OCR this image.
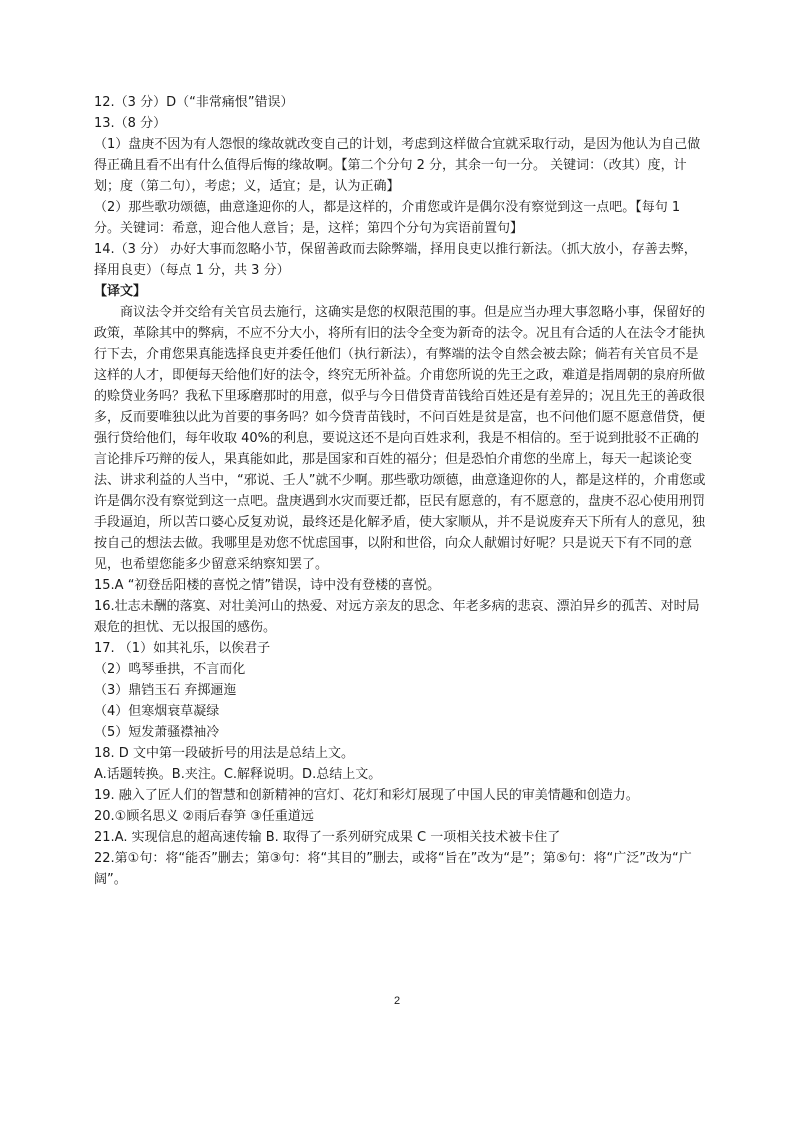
12.（3 分）D（“非常痛恨”错误）
13.（8 分）
（1）盘庚不因为有人怨恨的缘故就改变自己的计划，考虑到这样做合宜就采取行动，是因为他认为自己做得正确且看不出有什么值得后悔的缘故啊。【第二个分句 2 分，其余一句一分。 关键词：（改其）度，计划；度（第二句），考虑；义，适宜；是，认为正确】
（2）那些歌功颂德，曲意逢迎你的人，都是这样的，介甫您或许是偶尔没有察觉到这一点吧。【每句 1 分。关键词：希意，迎合他人意旨；是，这样；第四个分句为宾语前置句】
14.（3 分） 办好大事而忽略小节，保留善政而去除弊端，择用良吏以推行新法。（抓大放小，存善去弊，择用良吏）（每点 1 分，共 3 分）
【译文】
商议法令并交给有关官员去施行，这确实是您的权限范围的事。但是应当办理大事忽略小事，保留好的政策，革除其中的弊病，不应不分大小，将所有旧的法令全变为新奇的法令。况且有合适的人在法令才能执行下去，介甫您果真能选择良吏并委任他们（执行新法），有弊端的法令自然会被去除；倘若有关官员不是这样的人才，即便每天给他们好的法令，终究无所补益。介甫您所说的先王之政，难道是指周朝的泉府所做的赊贷业务吗？我私下里琢磨那时的用意，似乎与今日借贷青苗钱给百姓还是有差异的；况且先王的善政很多，反而要唯独以此为首要的事务吗？如今贷青苗钱时，不问百姓是贫是富，也不问他们愿不愿意借贷，便强行贷给他们，每年收取 40%的利息，要说这还不是向百姓求利，我是不相信的。至于说到批驳不正确的言论排斥巧辩的佞人，果真能如此，那是国家和百姓的福分；但是恐怕介甫您的坐席上，每天一起谈论变法、讲求利益的人当中，“邪说、壬人”就不少啊。那些歌功颂德，曲意逢迎你的人，都是这样的，介甫您或许是偶尔没有察觉到这一点吧。盘庚遇到水灾而要迁都，臣民有愿意的，有不愿意的，盘庚不忍心使用刑罚手段逼迫，所以苦口婆心反复劝说，最终还是化解矛盾，使大家顺从，并不是说废弃天下所有人的意见，独按自己的想法去做。我哪里是劝您不忧虑国事，以附和世俗，向众人献媚讨好呢？只是说天下有不同的意见，也希望您能多少留意采纳察知罢了。
15.A “初登岳阳楼的喜悦之情”错误，诗中没有登楼的喜悦。
16.壮志未酬的落寞、对壮美河山的热爱、对远方亲友的思念、年老多病的悲哀、漂泊异乡的孤苦、对时局艰危的担忧、无以报国的感伤。
17. （1）如其礼乐，以俟君子
（2）鸣琴垂拱，不言而化
（3）鼎铛玉石 弃掷逦迤
（4）但寒烟衰草凝绿
（5）短发萧骚襟袖冷
18. D 文中第一段破折号的用法是总结上文。
A.话题转换。B.夹注。C.解释说明。D.总结上文。
19. 融入了匠人们的智慧和创新精神的宫灯、花灯和彩灯展现了中国人民的审美情趣和创造力。
20.①顾名思义 ②雨后春笋 ③任重道远
21.A. 实现信息的超高速传输 B. 取得了一系列研究成果 C 一项相关技术被卡住了
22.第①句：将“能否”删去；第③句：将“其目的”删去，或将“旨在”改为“是”；第⑤句：将“广泛”改为“广阔”。
2
